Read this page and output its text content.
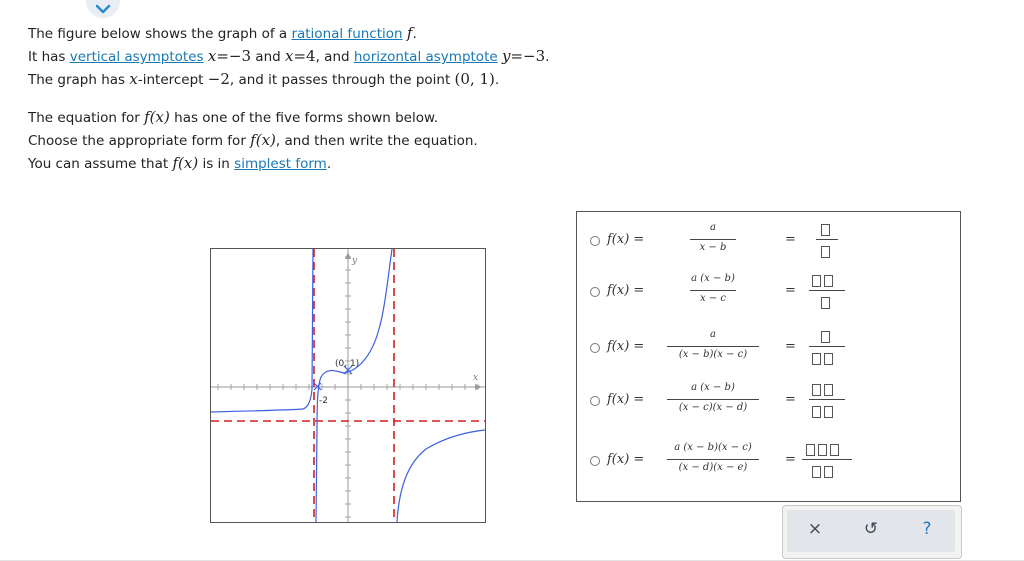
The figure below shows the graph of a rational function f.
It has vertical asymptotes x=−3 and x=4, and horizontal asymptote y=−3.
The graph has x-intercept −2, and it passes through the point (0, 1).
The equation for f(x) has one of the five forms shown below.
Choose the appropriate form for f(x), and then write the equation.
You can assume that f(x) is in simplest form.
y
x
(0, 1)
-2
f(x) =
a
x − b
=
f(x) =
a (x − b)
x − c
=
f(x) =
a
(x − b)(x − c)
=
f(x) =
a (x − b)
(x − c)(x − d)
=
f(x) =
a (x − b)(x − c)
(x − d)(x − e)
=
×	↺	?
